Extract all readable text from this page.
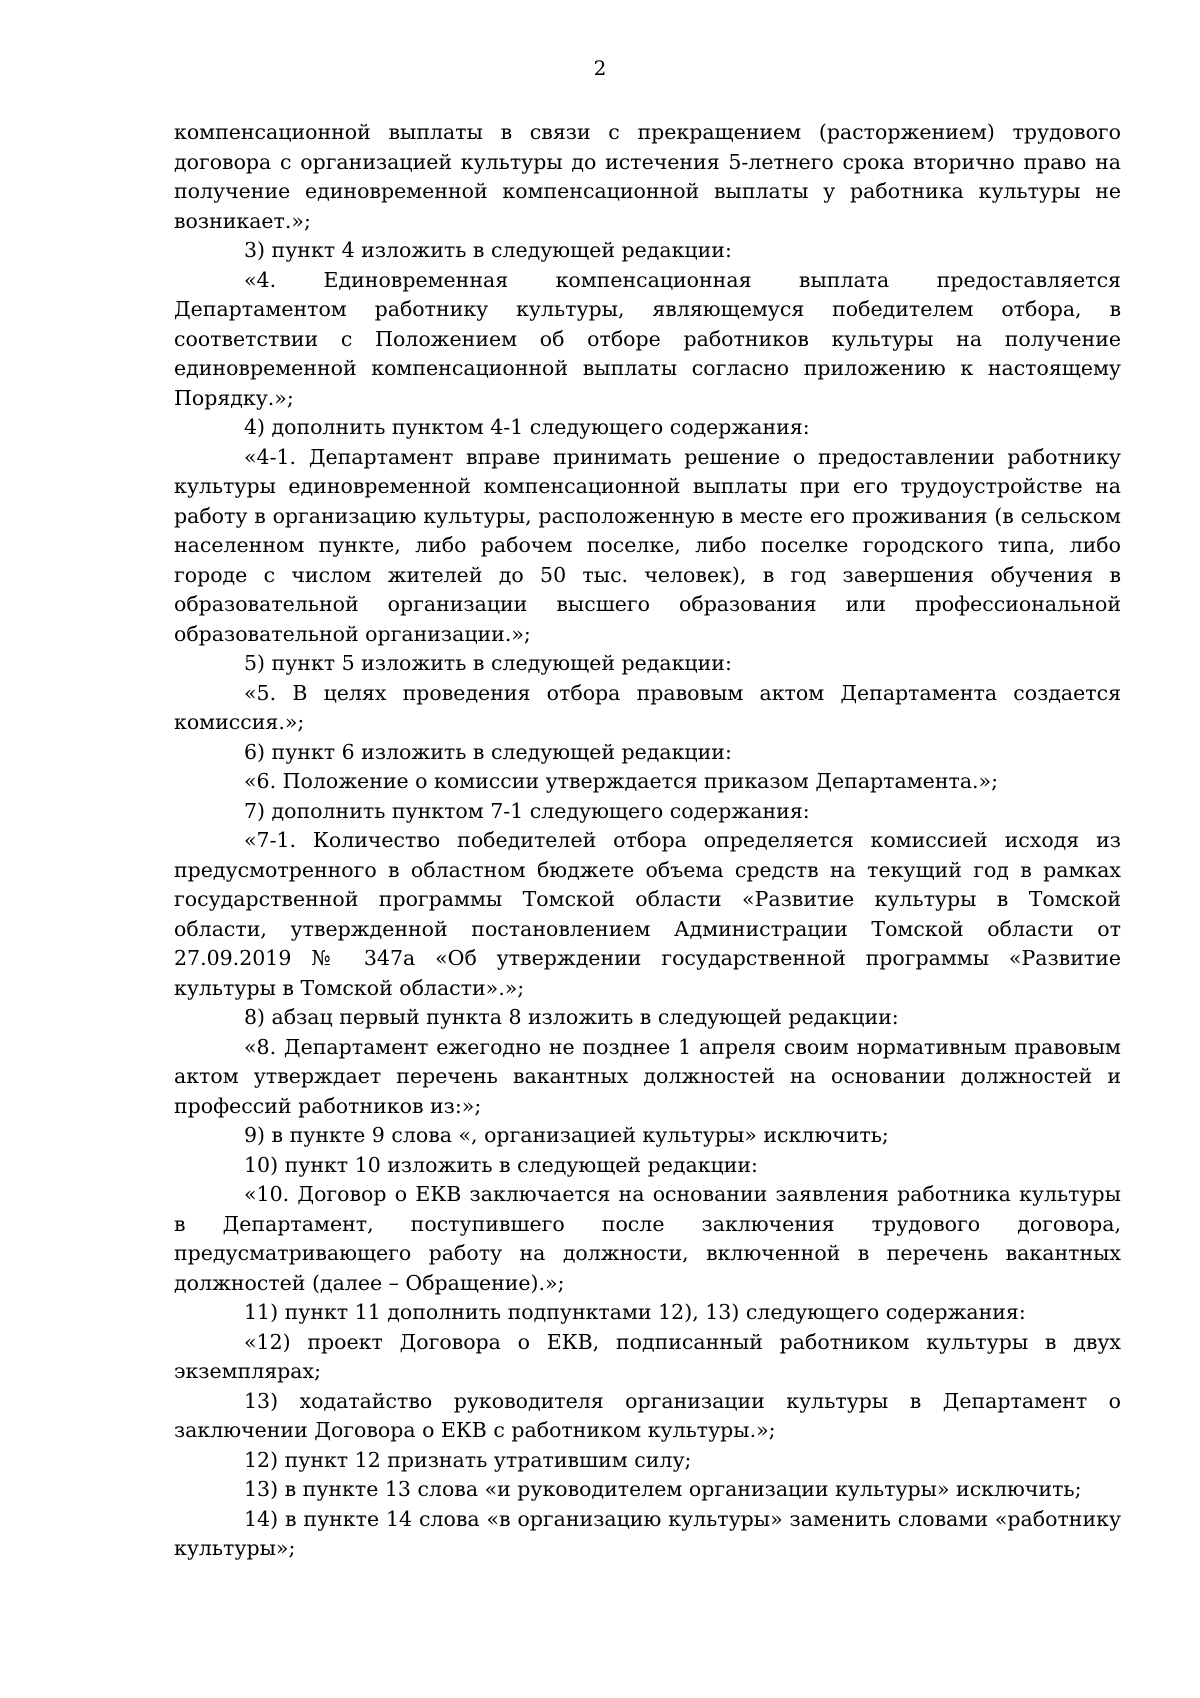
2

компенсационной выплаты в связи с прекращением (расторжением) трудового договора с организацией культуры до истечения 5-летнего срока вторично право на получение единовременной компенсационной выплаты у работника культуры не возникает.»;

3) пункт 4 изложить в следующей редакции:

«4. Единовременная компенсационная выплата предоставляется Департаментом работнику культуры, являющемуся победителем отбора, в соответствии с Положением об отборе работников культуры на получение единовременной компенсационной выплаты согласно приложению к настоящему Порядку.»;

4) дополнить пунктом 4-1 следующего содержания:

«4-1. Департамент вправе принимать решение о предоставлении работнику культуры единовременной компенсационной выплаты при его трудоустройстве на работу в организацию культуры, расположенную в месте его проживания (в сельском населенном пункте, либо рабочем поселке, либо поселке городского типа, либо городе с числом жителей до 50 тыс. человек), в год завершения обучения в образовательной организации высшего образования или профессиональной образовательной организации.»;

5) пункт 5 изложить в следующей редакции:

«5. В целях проведения отбора правовым актом Департамента создается комиссия.»;

6) пункт 6 изложить в следующей редакции:

«6. Положение о комиссии утверждается приказом Департамента.»;

7) дополнить пунктом 7-1 следующего содержания:

«7-1. Количество победителей отбора определяется комиссией исходя из предусмотренного в областном бюджете объема средств на текущий год в рамках государственной программы Томской области «Развитие культуры в Томской области, утвержденной постановлением Администрации Томской области от 27.09.2019 № 347а «Об утверждении государственной программы «Развитие культуры в Томской области».»;

8) абзац первый пункта 8 изложить в следующей редакции:

«8. Департамент ежегодно не позднее 1 апреля своим нормативным правовым актом утверждает перечень вакантных должностей на основании должностей и профессий работников из:»;

9) в пункте 9 слова «, организацией культуры» исключить;

10) пункт 10 изложить в следующей редакции:

«10. Договор о ЕКВ заключается на основании заявления работника культуры в Департамент, поступившего после заключения трудового договора, предусматривающего работу на должности, включенной в перечень вакантных должностей (далее – Обращение).»;

11) пункт 11 дополнить подпунктами 12), 13) следующего содержания:

«12) проект Договора о ЕКВ, подписанный работником культуры в двух экземплярах;

13) ходатайство руководителя организации культуры в Департамент о заключении Договора о ЕКВ с работником культуры.»;

12) пункт 12 признать утратившим силу;

13) в пункте 13 слова «и руководителем организации культуры» исключить;

14) в пункте 14 слова «в организацию культуры» заменить словами «работнику культуры»;
